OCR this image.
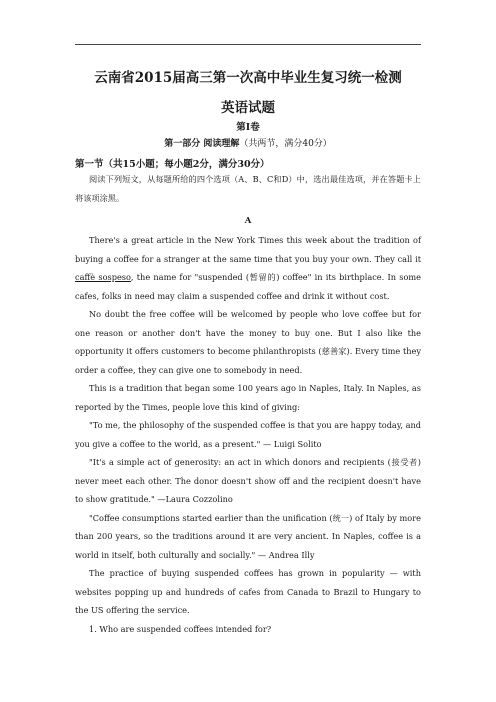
云南省2015届高三第一次高中毕业生复习统一检测
英语试题
第I卷
第一部分 阅读理解（共两节，满分40分）
第一节（共15小题；每小题2分，满分30分）

阅读下列短文，从每题所给的四个选项（A、B、C和D）中，选出最佳选项，并在答题卡上将该项涂黑。

A

There's a great article in the New York Times this week about the tradition of buying a coffee for a stranger at the same time that you buy your own. They call it caffè sospeso, the name for "suspended (暂留的) coffee" in its birthplace. In some cafes, folks in need may claim a suspended coffee and drink it without cost.

No doubt the free coffee will be welcomed by people who love coffee but for one reason or another don't have the money to buy one. But I also like the opportunity it offers customers to become philanthropists (慈善家). Every time they order a coffee, they can give one to somebody in need.

This is a tradition that began some 100 years ago in Naples, Italy. In Naples, as reported by the Times, people love this kind of giving:

"To me, the philosophy of the suspended coffee is that you are happy today, and you give a coffee to the world, as a present." — Luigi Solito

"It's a simple act of generosity: an act in which donors and recipients (接受者) never meet each other. The donor doesn't show off and the recipient doesn't have to show gratitude." —Laura Cozzolino

"Coffee consumptions started earlier than the unification (统一) of Italy by more than 200 years, so the traditions around it are very ancient. In Naples, coffee is a world in itself, both culturally and socially." — Andrea Illy

The practice of buying suspended coffees has grown in popularity — with websites popping up and hundreds of cafes from Canada to Brazil to Hungary to the US offering the service.

1. Who are suspended coffees intended for?
